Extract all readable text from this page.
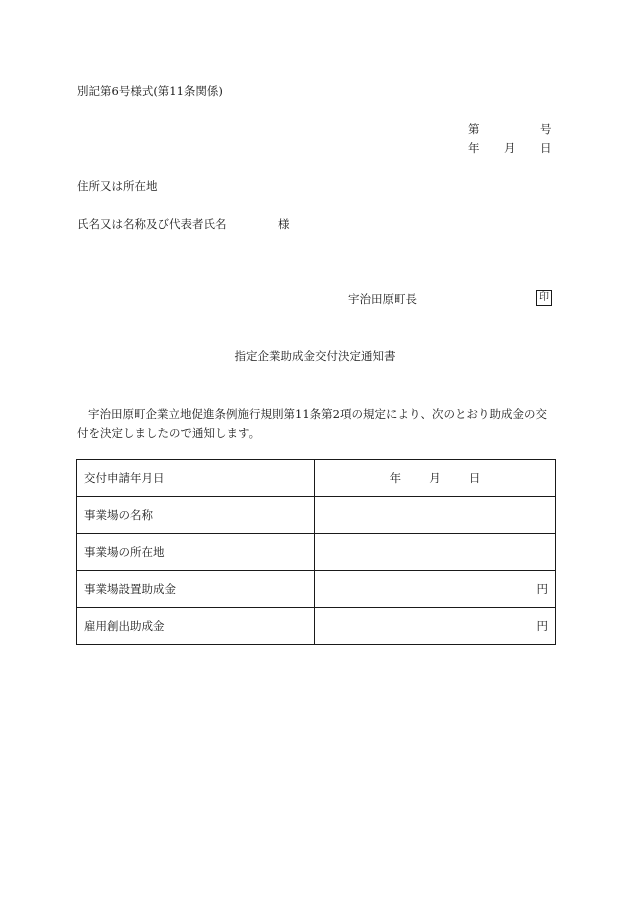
別記第6号様式(第11条関係)
第	号
年 月 日
住所又は所在地
氏名又は名称及び代表者氏名	様
宇治田原町長	印
指定企業助成金交付決定通知書
宇治田原町企業立地促進条例施行規則第11条第2項の規定により、次のとおり助成金の交付を決定しましたので通知します。
交付申請年月日	年 月 日
事業場の名称	
事業場の所在地	
事業場設置助成金	円
雇用創出助成金	円
